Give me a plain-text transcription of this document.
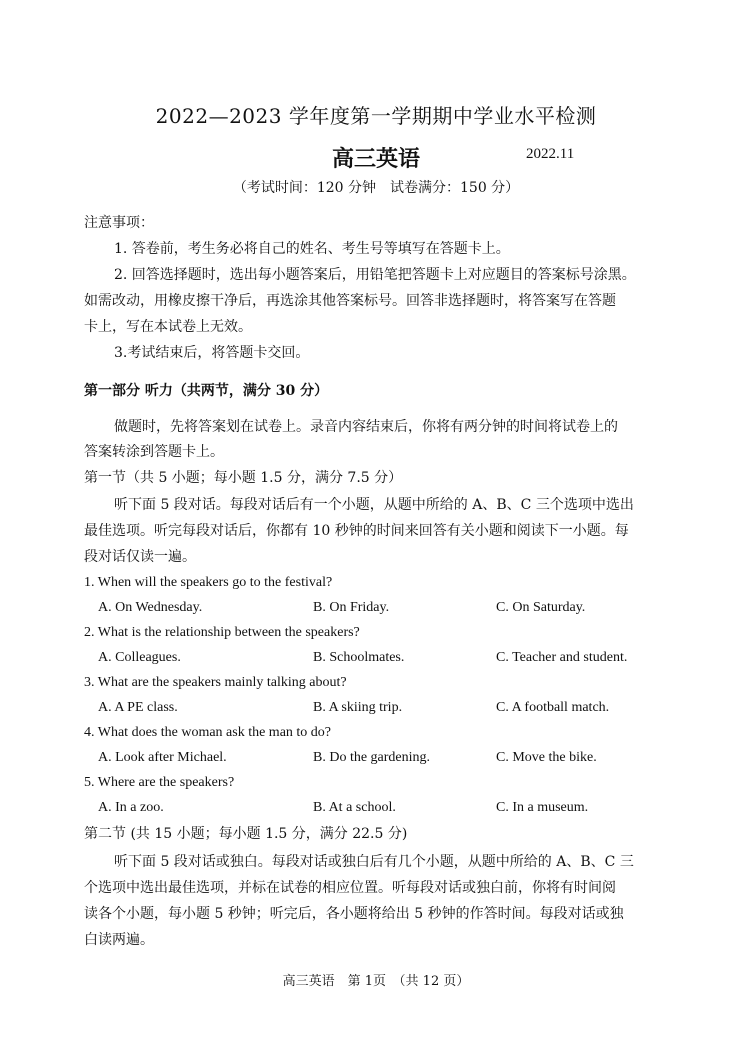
2022—2023 学年度第一学期期中学业水平检测
高三英语	2022.11
（考试时间：120 分钟　试卷满分：150 分）
注意事项：
1. 答卷前，考生务必将自己的姓名、考生号等填写在答题卡上。
2. 回答选择题时，选出每小题答案后，用铅笔把答题卡上对应题目的答案标号涂黑。
如需改动，用橡皮擦干净后，再选涂其他答案标号。回答非选择题时，将答案写在答题
卡上，写在本试卷上无效。
3.考试结束后，将答题卡交回。
第一部分 听力（共两节，满分 30 分）
做题时，先将答案划在试卷上。录音内容结束后，你将有两分钟的时间将试卷上的
答案转涂到答题卡上。
第一节（共 5 小题；每小题 1.5 分，满分 7.5 分）
听下面 5 段对话。每段对话后有一个小题，从题中所给的 A、B、C 三个选项中选出
最佳选项。听完每段对话后，你都有 10 秒钟的时间来回答有关小题和阅读下一小题。每
段对话仅读一遍。
1. When will the speakers go to the festival?
A. On Wednesday.	B. On Friday.	C. On Saturday.
2. What is the relationship between the speakers?
A. Colleagues.	B. Schoolmates.	C. Teacher and student.
3. What are the speakers mainly talking about?
A. A PE class.	B. A skiing trip.	C. A football match.
4. What does the woman ask the man to do?
A. Look after Michael.	B. Do the gardening.	C. Move the bike.
5. Where are the speakers?
A. In a zoo.	B. At a school.	C. In a museum.
第二节 (共 15 小题；每小题 1.5 分，满分 22.5 分)
听下面 5 段对话或独白。每段对话或独白后有几个小题，从题中所给的 A、B、C 三
个选项中选出最佳选项，并标在试卷的相应位置。听每段对话或独白前，你将有时间阅
读各个小题，每小题 5 秒钟；听完后，各小题将给出 5 秒钟的作答时间。每段对话或独
白读两遍。
高三英语　第 1页　（共 12 页）
